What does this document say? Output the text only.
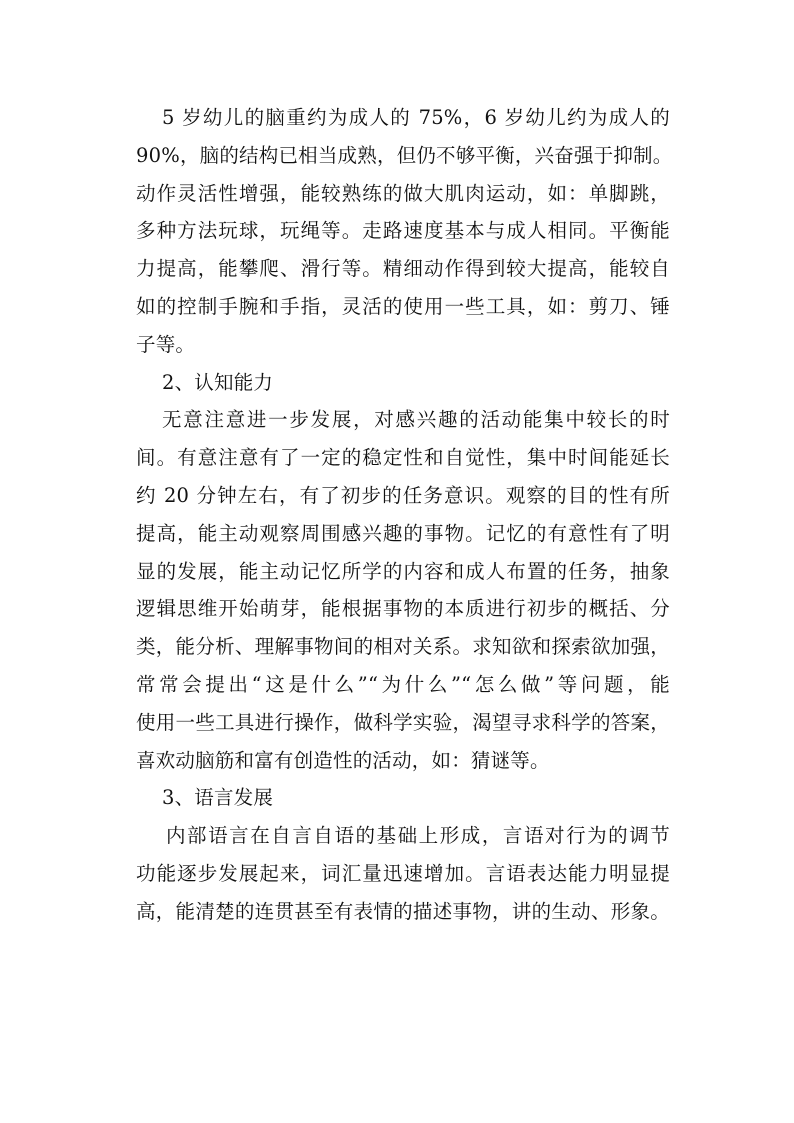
5 岁幼儿的脑重约为成人的 75%，6 岁幼儿约为成人的
90%，脑的结构已相当成熟，但仍不够平衡，兴奋强于抑制。
动作灵活性增强，能较熟练的做大肌肉运动，如：单脚跳，
多种方法玩球，玩绳等。走路速度基本与成人相同。平衡能
力提高，能攀爬、滑行等。精细动作得到较大提高，能较自
如的控制手腕和手指，灵活的使用一些工具，如：剪刀、锤
子等。
2、认知能力
无意注意进一步发展，对感兴趣的活动能集中较长的时
间。有意注意有了一定的稳定性和自觉性，集中时间能延长
约 20 分钟左右，有了初步的任务意识。观察的目的性有所
提高，能主动观察周围感兴趣的事物。记忆的有意性有了明
显的发展，能主动记忆所学的内容和成人布置的任务，抽象
逻辑思维开始萌芽，能根据事物的本质进行初步的概括、分
类，能分析、理解事物间的相对关系。求知欲和探索欲加强，
常常会提出“这是什么”“为什么”“怎么做”等问题，能
使用一些工具进行操作，做科学实验，渴望寻求科学的答案，
喜欢动脑筋和富有创造性的活动，如：猜谜等。
3、语言发展
内部语言在自言自语的基础上形成，言语对行为的调节
功能逐步发展起来，词汇量迅速增加。言语表达能力明显提
高，能清楚的连贯甚至有表情的描述事物，讲的生动、形象。
